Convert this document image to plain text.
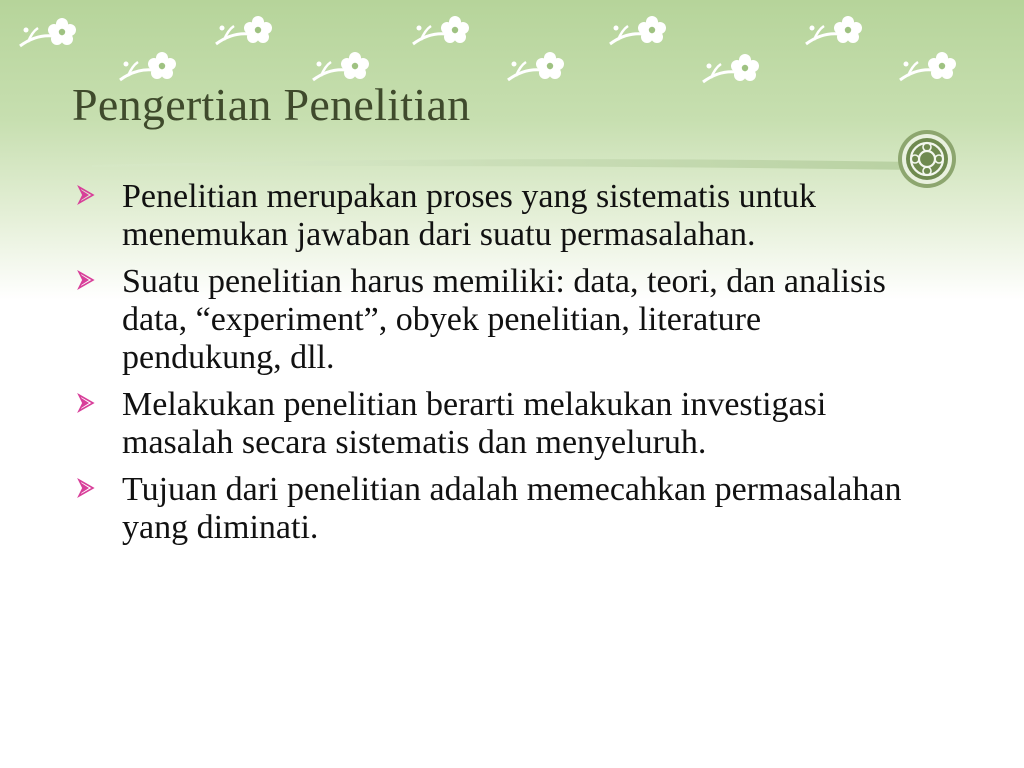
Pengertian Penelitian
Penelitian merupakan proses yang sistematis untuk menemukan jawaban dari suatu permasalahan.
Suatu penelitian harus memiliki: data, teori, dan analisis data, “experiment”, obyek penelitian, literature pendukung, dll.
Melakukan penelitian berarti melakukan investigasi masalah secara sistematis dan menyeluruh.
Tujuan dari penelitian adalah memecahkan permasalahan yang diminati.
